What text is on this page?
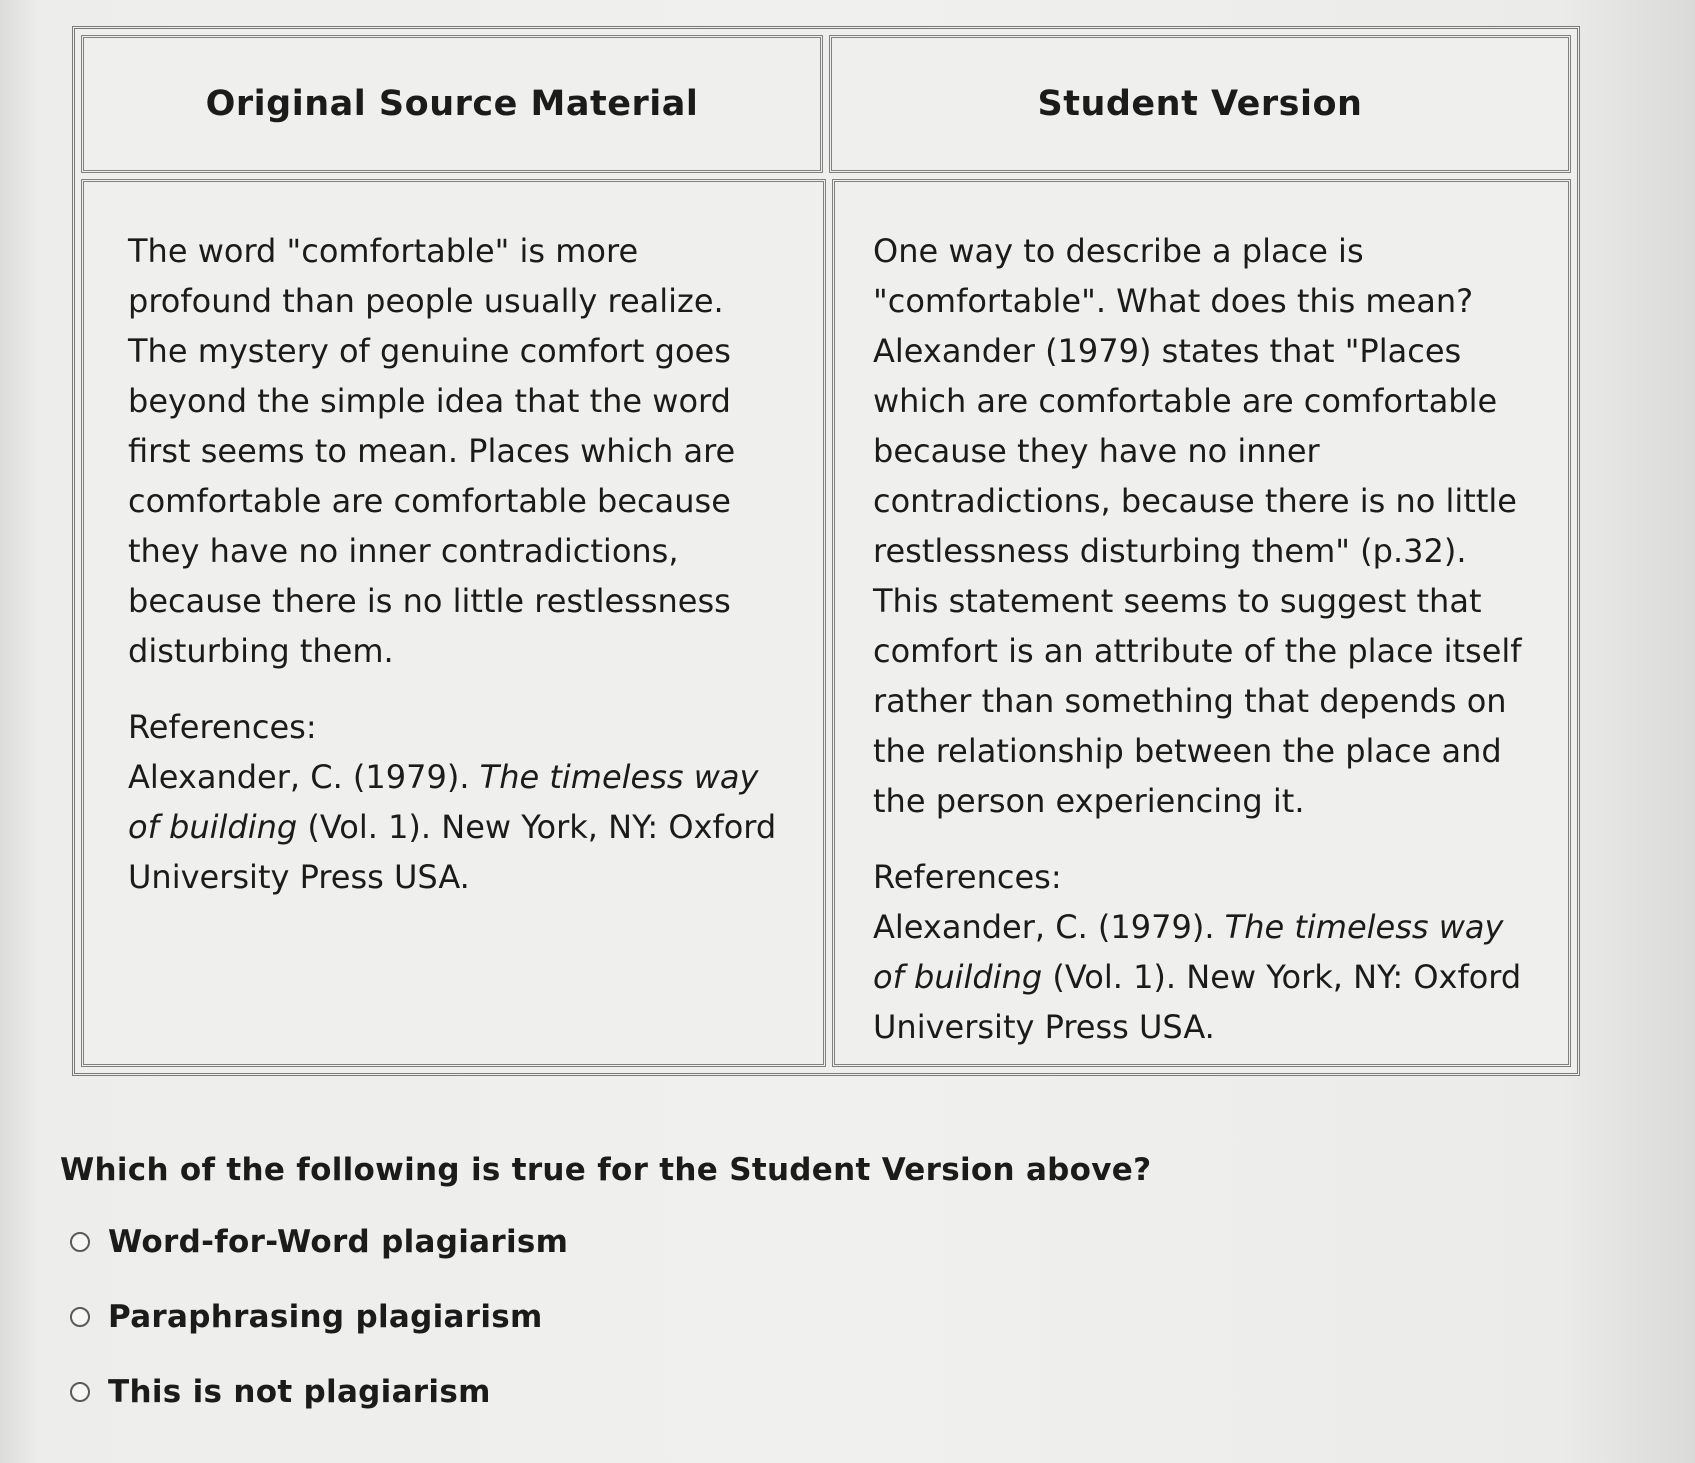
Original Source Material	Student Version

The word "comfortable" is more profound than people usually realize. The mystery of genuine comfort goes beyond the simple idea that the word first seems to mean. Places which are comfortable are comfortable because they have no inner contradictions, because there is no little restlessness disturbing them.

References:

Alexander, C. (1979). The timeless way of building (Vol. 1). New York, NY: Oxford University Press USA.

One way to describe a place is "comfortable". What does this mean? Alexander (1979) states that "Places which are comfortable are comfortable because they have no inner contradictions, because there is no little restlessness disturbing them" (p.32). This statement seems to suggest that comfort is an attribute of the place itself rather than something that depends on the relationship between the place and the person experiencing it.

References:

Alexander, C. (1979). The timeless way of building (Vol. 1). New York, NY: Oxford University Press USA.

Which of the following is true for the Student Version above?
Word-for-Word plagiarism
Paraphrasing plagiarism
This is not plagiarism
